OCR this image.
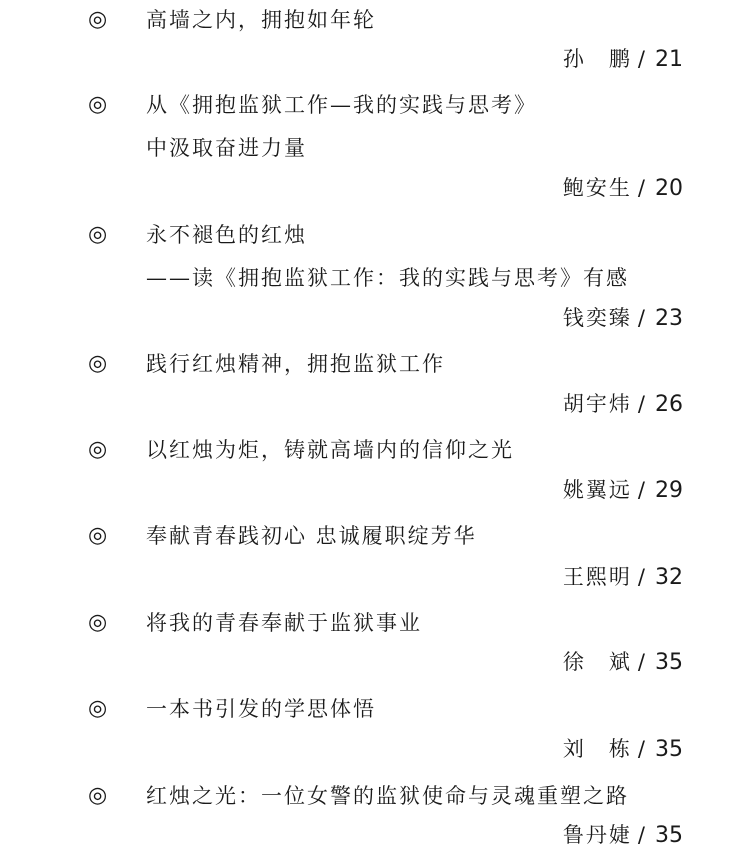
◎ 高墙之内，拥抱如年轮
孙　鹏 / 21
◎ 从《拥抱监狱工作—我的实践与思考》
中汲取奋进力量
鲍安生 / 20
◎ 永不褪色的红烛
——读《拥抱监狱工作：我的实践与思考》有感
钱奕臻 / 23
◎ 践行红烛精神，拥抱监狱工作
胡宇炜 / 26
◎ 以红烛为炬，铸就高墙内的信仰之光
姚翼远 / 29
◎ 奉献青春践初心 忠诚履职绽芳华
王熙明 / 32
◎ 将我的青春奉献于监狱事业
徐　斌 / 35
◎ 一本书引发的学思体悟
刘　栋 / 35
◎ 红烛之光：一位女警的监狱使命与灵魂重塑之路
鲁丹婕 / 35
